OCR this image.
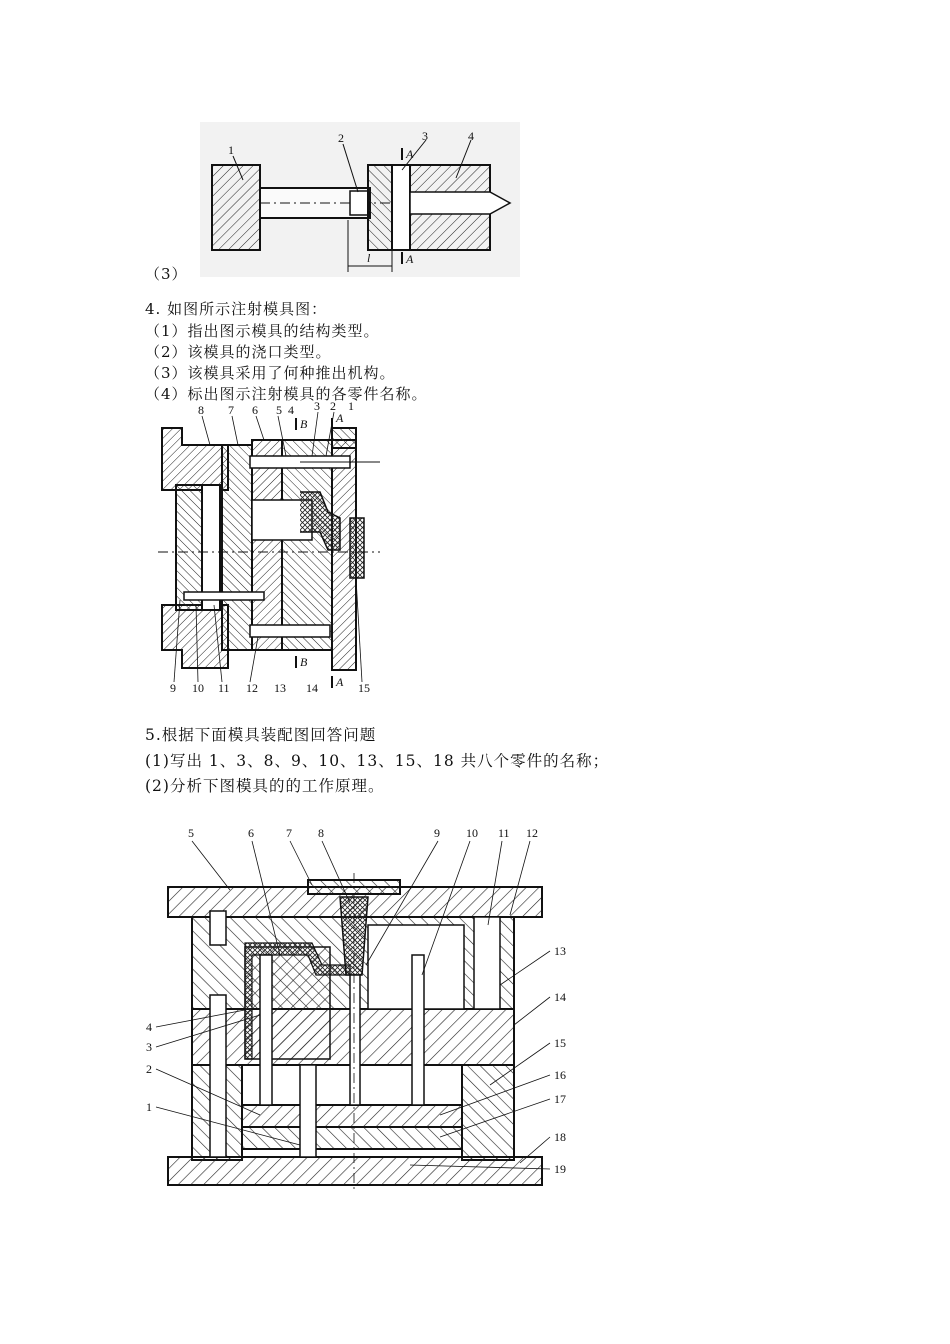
1
2	3	4
A
A
l
（3）
4. 如图所示注射模具图：
（1）指出图示模具的结构类型。
（2）该模具的浇口类型。
（3）该模具采用了何种推出机构。
（4）标出图示注射模具的各零件名称。
8 7 6 5 4 3 2 1
B A
9 10 11 12 13 14	15
B
A
5.根据下面模具装配图回答问题
(1)写出 1、3、8、9、10、13、15、18 共八个零件的名称；
(2)分析下图模具的的工作原理。
5	6	7 8	9 10 11 12
4
3
2
1
13
14
15
16
17
18
19
